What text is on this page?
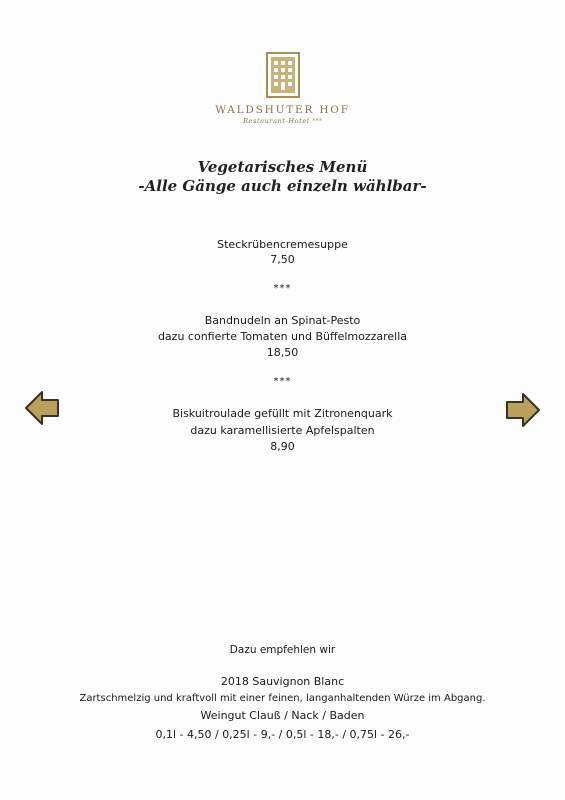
WALDSHUTER HOF
Restaurant-Hotel ***
Vegetarisches Menü
-Alle Gänge auch einzeln wählbar-
Steckrübencremesuppe
7,50
***
Bandnudeln an Spinat-Pesto
dazu confierte Tomaten und Büffelmozzarella
18,50
***
Biskuitroulade gefüllt mit Zitronenquark
dazu karamellisierte Apfelspalten
8,90
Dazu empfehlen wir
2018 Sauvignon Blanc
Zartschmelzig und kraftvoll mit einer feinen, langanhaltenden Würze im Abgang.
Weingut Clauß / Nack / Baden
0,1l - 4,50 / 0,25l - 9,- / 0,5l - 18,- / 0,75l - 26,-
